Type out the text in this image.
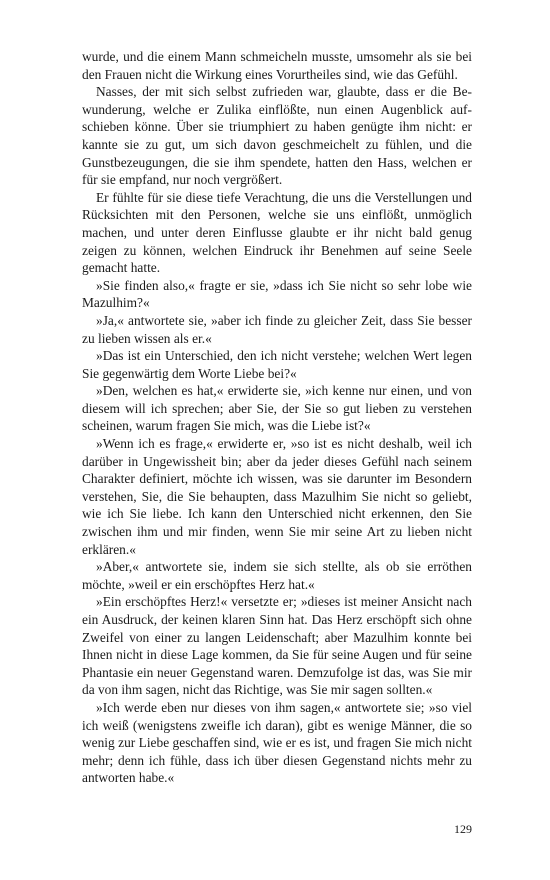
wurde, und die einem Mann schmeicheln musste, umsomehr als sie bei den Frauen nicht die Wirkung eines Vorurtheiles sind, wie das Gefühl.

Nasses, der mit sich selbst zufrieden war, glaubte, dass er die Bewunderung, welche er Zulika einflößte, nun einen Augenblick aufschieben könne. Über sie triumphiert zu haben genügte ihm nicht: er kannte sie zu gut, um sich davon geschmeichelt zu fühlen, und die Gunstbezeugungen, die sie ihm spendete, hatten den Hass, welchen er für sie empfand, nur noch vergrößert.

Er fühlte für sie diese tiefe Verachtung, die uns die Verstellungen und Rücksichten mit den Personen, welche sie uns einflößt, unmöglich machen, und unter deren Einflusse glaubte er ihr nicht bald genug zeigen zu können, welchen Eindruck ihr Benehmen auf seine Seele gemacht hatte.

»Sie finden also,« fragte er sie, »dass ich Sie nicht so sehr lobe wie Mazulhim?«

»Ja,« antwortete sie, »aber ich finde zu gleicher Zeit, dass Sie besser zu lieben wissen als er.«

»Das ist ein Unterschied, den ich nicht verstehe; welchen Wert legen Sie gegenwärtig dem Worte Liebe bei?«

»Den, welchen es hat,« erwiderte sie, »ich kenne nur einen, und von diesem will ich sprechen; aber Sie, der Sie so gut lieben zu verstehen scheinen, warum fragen Sie mich, was die Liebe ist?«

»Wenn ich es frage,« erwiderte er, »so ist es nicht deshalb, weil ich darüber in Ungewissheit bin; aber da jeder dieses Gefühl nach seinem Charakter definiert, möchte ich wissen, was sie darunter im Besondern verstehen, Sie, die Sie behaupten, dass Mazulhim Sie nicht so geliebt, wie ich Sie liebe. Ich kann den Unterschied nicht erkennen, den Sie zwischen ihm und mir finden, wenn Sie mir seine Art zu lieben nicht erklären.«

»Aber,« antwortete sie, indem sie sich stellte, als ob sie erröthen möchte, »weil er ein erschöpftes Herz hat.«

»Ein erschöpftes Herz!« versetzte er; »dieses ist meiner Ansicht nach ein Ausdruck, der keinen klaren Sinn hat. Das Herz erschöpft sich ohne Zweifel von einer zu langen Leidenschaft; aber Mazulhim konnte bei Ihnen nicht in diese Lage kommen, da Sie für seine Augen und für seine Phantasie ein neuer Gegenstand waren. Demzufolge ist das, was Sie mir da von ihm sagen, nicht das Richtige, was Sie mir sagen sollten.«

»Ich werde eben nur dieses von ihm sagen,« antwortete sie; »so viel ich weiß (wenigstens zweifle ich daran), gibt es wenige Männer, die so wenig zur Liebe geschaffen sind, wie er es ist, und fragen Sie mich nicht mehr; denn ich fühle, dass ich über diesen Gegenstand nichts mehr zu antworten habe.«

129
